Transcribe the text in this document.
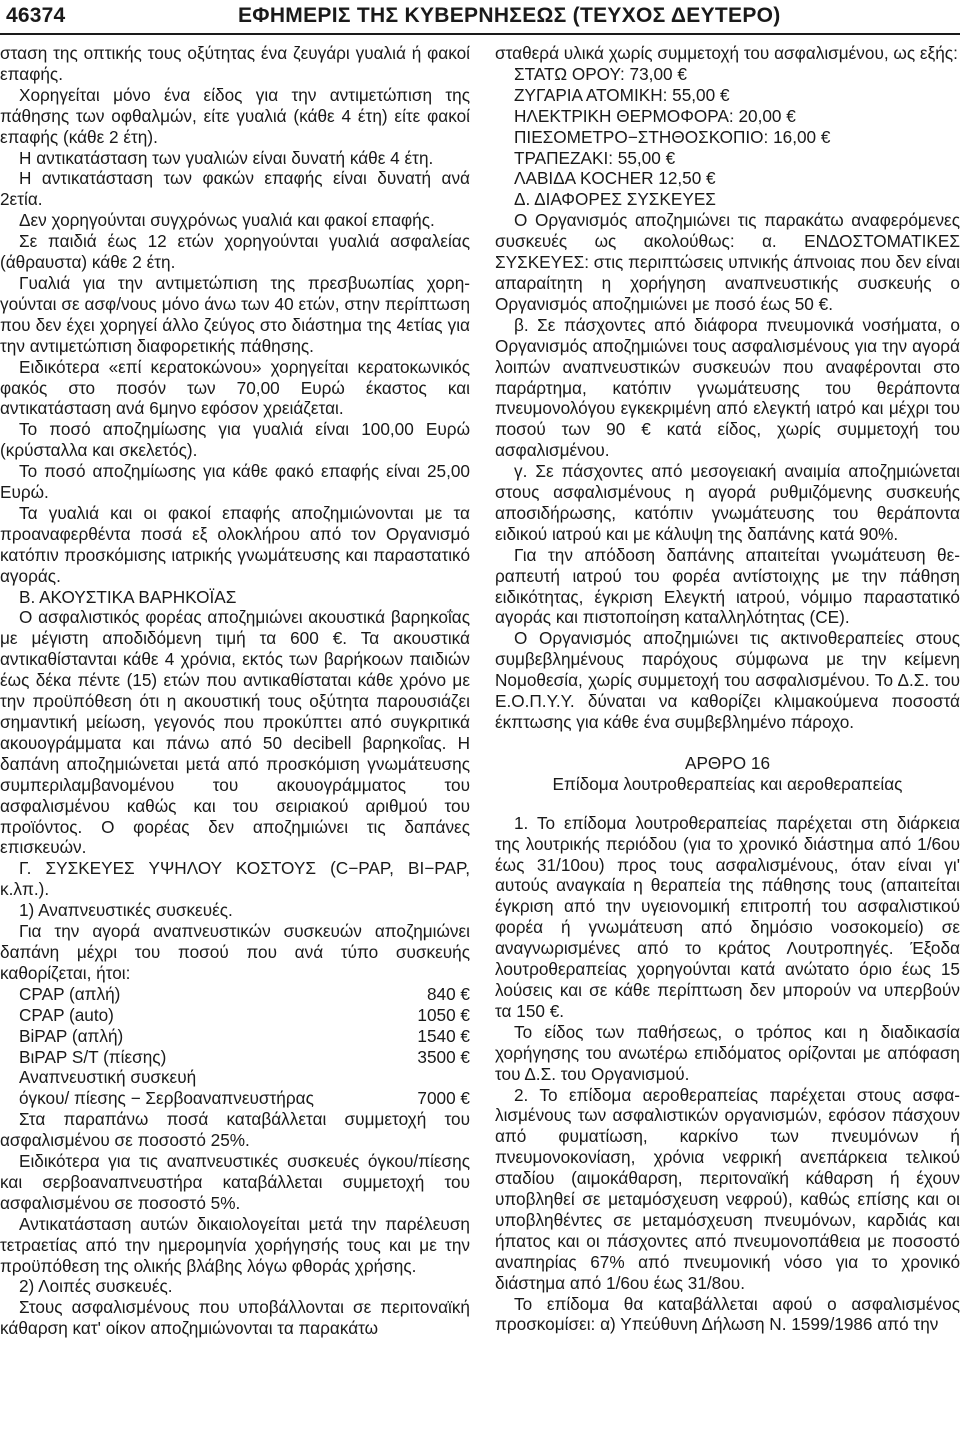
46374	ΕΦΗΜΕΡΙΣ ΤΗΣ ΚΥΒΕΡΝΗΣΕΩΣ (ΤΕΥΧΟΣ ΔΕΥΤΕΡΟ)

σταση της οπτικής τους οξύτητας ένα ζευγάρι γυαλιά ή φακοί επαφής.

Χορηγείται μόνο ένα είδος για την αντιμετώπιση της πάθησης των οφθαλμών, είτε γυαλιά (κάθε 4 έτη) είτε φακοί επαφής (κάθε 2 έτη).

Η αντικατάσταση των γυαλιών είναι δυνατή κάθε 4 έτη.

Η αντικατάσταση των φακών επαφής είναι δυνατή ανά 2ετία.

Δεν χορηγούνται συγχρόνως γυαλιά και φακοί επαφής.

Σε παιδιά έως 12 ετών χορηγούνται γυαλιά ασφαλείας (άθραυστα) κάθε 2 έτη.

Γυαλιά για την αντιμετώπιση της πρεσβυωπίας χορηγούνται σε ασφ/νους μόνο άνω των 40 ετών, στην περίπτωση που δεν έχει χορηγεί άλλο ζεύγος στο διάστημα της 4ετίας για την αντιμετώπιση διαφορετικής πάθησης.

Ειδικότερα «επί κερατοκώνου» χορηγείται κερατοκωνικός φακός στο ποσόν των 70,00 Ευρώ έκαστος και αντικατάσταση ανά 6μηνο εφόσον χρειάζεται.

Το ποσό αποζημίωσης για γυαλιά είναι 100,00 Ευρώ (κρύσταλλα και σκελετός).

Το ποσό αποζημίωσης για κάθε φακό επαφής είναι 25,00 Ευρώ.

Τα γυαλιά και οι φακοί επαφής αποζημιώνονται με τα προαναφερθέντα ποσά εξ ολοκλήρου από τον Οργανισμό κατόπιν προσκόμισης ιατρικής γνωμάτευσης και παραστατικό αγοράς.

Β. ΑΚΟΥΣΤΙΚΑ ΒΑΡΗΚΟΪΑΣ

Ο ασφαλιστικός φορέας αποζημιώνει ακουστικά βαρηκοΐας με μέγιστη αποδιδόμενη τιμή τα 600 €. Τα ακουστικά αντικαθίστανται κάθε 4 χρόνια, εκτός των βαρήκοων παιδιών έως δέκα πέντε (15) ετών που αντικαθίσταται κάθε χρόνο με την προϋπόθεση ότι η ακουστική τους οξύτητα παρουσιάζει σημαντική μείωση, γεγονός που προκύπτει από συγκριτικά ακουογράμματα και πάνω από 50 decibell βαρηκοΐας. Η δαπάνη αποζημιώνεται μετά από προσκόμιση γνωμάτευσης συμπεριλαμβανομένου του ακουογράμματος του ασφαλισμένου καθώς και του σειριακού αριθμού του προϊόντος. Ο φορέας δεν αποζημιώνει τις δαπάνες επισκευών.

Γ. ΣΥΣΚΕΥΕΣ ΥΨΗΛΟΥ ΚΟΣΤΟΥΣ (C−PAP, BI−PAP, κ.λπ.).

1) Αναπνευστικές συσκευές.

Για την αγορά αναπνευστικών συσκευών αποζημιώνει δαπάνη μέχρι του ποσού που ανά τύπο συσκευής καθορίζεται, ήτοι:

CPAP (απλή)	840 €
CPAP (auto)	1050 €
BiPAP (απλή)	1540 €
BιPAP S/T (πίεσης)	3500 €
Αναπνευστική συσκευή
όγκου/ πίεσης − Σερβοαναπνευστήρας	7000 €

Στα παραπάνω ποσά καταβάλλεται συμμετοχή του ασφαλισμένου σε ποσοστό 25%.

Ειδικότερα για τις αναπνευστικές συσκευές όγκου/πίεσης και σερβοαναπνευστήρα καταβάλλεται συμμετοχή του ασφαλισμένου σε ποσοστό 5%.

Αντικατάσταση αυτών δικαιολογείται μετά την παρέλευση τετραετίας από την ημερομηνία χορήγησής τους και με την προϋπόθεση της ολικής βλάβης λόγω φθοράς χρήσης.

2) Λοιπές συσκευές.

Στους ασφαλισμένους που υποβάλλονται σε περιτοναϊκή κάθαρση κατ' οίκον αποζημιώνονται τα παρακάτω

σταθερά υλικά χωρίς συμμετοχή του ασφαλισμένου, ως εξής:

ΣΤΑΤΩ ΟΡΟΥ: 73,00 €

ΖΥΓΑΡΙΑ ΑΤΟΜΙΚΗ: 55,00 €

ΗΛΕΚΤΡΙΚΗ ΘΕΡΜΟΦΟΡΑ: 20,00 €

ΠΙΕΣΟΜΕΤΡΟ−ΣΤΗΘΟΣΚΟΠΙΟ: 16,00 €

ΤΡΑΠΕΖΑΚΙ: 55,00 €

ΛΑΒΙΔΑ KOCHER 12,50 €

Δ. ΔΙΑΦΟΡΕΣ ΣΥΣΚΕΥΕΣ

Ο Οργανισμός αποζημιώνει τις παρακάτω αναφερόμενες συσκευές ως ακολούθως: α. ΕΝΔΟΣΤΟΜΑΤΙΚΕΣ ΣΥΣΚΕΥΕΣ: στις περιπτώσεις υπνικής άπνοιας που δεν είναι απαραίτητη η χορήγηση αναπνευστικής συσκευής ο Οργανισμός αποζημιώνει με ποσό έως 50 €.

β. Σε πάσχοντες από διάφορα πνευμονικά νοσήματα, ο Οργανισμός αποζημιώνει τους ασφαλισμένους για την αγορά λοιπών αναπνευστικών συσκευών που αναφέρονται στο παράρτημα, κατόπιν γνωμάτευσης του θεράποντα πνευμονολόγου εγκεκριμένη από ελεγκτή ιατρό και μέχρι του ποσού των 90 € κατά είδος, χωρίς συμμετοχή του ασφαλισμένου.

γ. Σε πάσχοντες από μεσογειακή αναιμία αποζημιώνεται στους ασφαλισμένους η αγορά ρυθμιζόμενης συσκευής αποσιδήρωσης, κατόπιν γνωμάτευσης του θεράποντα ειδικού ιατρού και με κάλυψη της δαπάνης κατά 90%.

Για την απόδοση δαπάνης απαιτείται γνωμάτευση θεραπευτή ιατρού του φορέα αντίστοιχης με την πάθηση ειδικότητας, έγκριση Ελεγκτή ιατρού, νόμιμο παραστατικό αγοράς και πιστοποίηση καταλληλότητας (CE).

Ο Οργανισμός αποζημιώνει τις ακτινοθεραπείες στους συμβεβλημένους παρόχους σύμφωνα με την κείμενη Νομοθεσία, χωρίς συμμετοχή του ασφαλισμένου. Το Δ.Σ. του Ε.Ο.Π.Υ.Υ. δύναται να καθορίζει κλιμακούμενα ποσοστά έκπτωσης για κάθε ένα συμβεβλημένο πάροχο.

ΑΡΘΡΟ 16

Επίδομα λουτροθεραπείας και αεροθεραπείας

1. Το επίδομα λουτροθεραπείας παρέχεται στη διάρκεια της λουτρικής περιόδου (για το χρονικό διάστημα από 1/6ου έως 31/10ου) προς τους ασφαλισμένους, όταν είναι γι' αυτούς αναγκαία η θεραπεία της πάθησης τους (απαιτείται έγκριση από την υγειονομική επιτροπή του ασφαλιστικού φορέα ή γνωμάτευση από δημόσιο νοσοκομείο) σε αναγνωρισμένες από το κράτος Λουτροπηγές. Έξοδα λουτροθεραπείας χορηγούνται κατά ανώτατο όριο έως 15 λούσεις και σε κάθε περίπτωση δεν μπορούν να υπερβούν τα 150 €.

Το είδος των παθήσεως, ο τρόπος και η διαδικασία χορήγησης του ανωτέρω επιδόματος ορίζονται με απόφαση του Δ.Σ. του Οργανισμού.

2. Το επίδομα αεροθεραπείας παρέχεται στους ασφαλισμένους των ασφαλιστικών οργανισμών, εφόσον πάσχουν από φυματίωση, καρκίνο των πνευμόνων ή πνευμονοκονίαση, χρόνια νεφρική ανεπάρκεια τελικού σταδίου (αιμοκάθαρση, περιτοναϊκή κάθαρση ή έχουν υποβληθεί σε μεταμόσχευση νεφρού), καθώς επίσης και οι υποβληθέντες σε μεταμόσχευση πνευμόνων, καρδιάς και ήπατος και οι πάσχοντες από πνευμονοπάθεια με ποσοστό αναπηρίας 67% από πνευμονική νόσο για το χρονικό διάστημα από 1/6ου έως 31/8ου.

Το επίδομα θα καταβάλλεται αφού ο ασφαλισμένος προσκομίσει: α) Υπεύθυνη Δήλωση Ν. 1599/1986 από την
